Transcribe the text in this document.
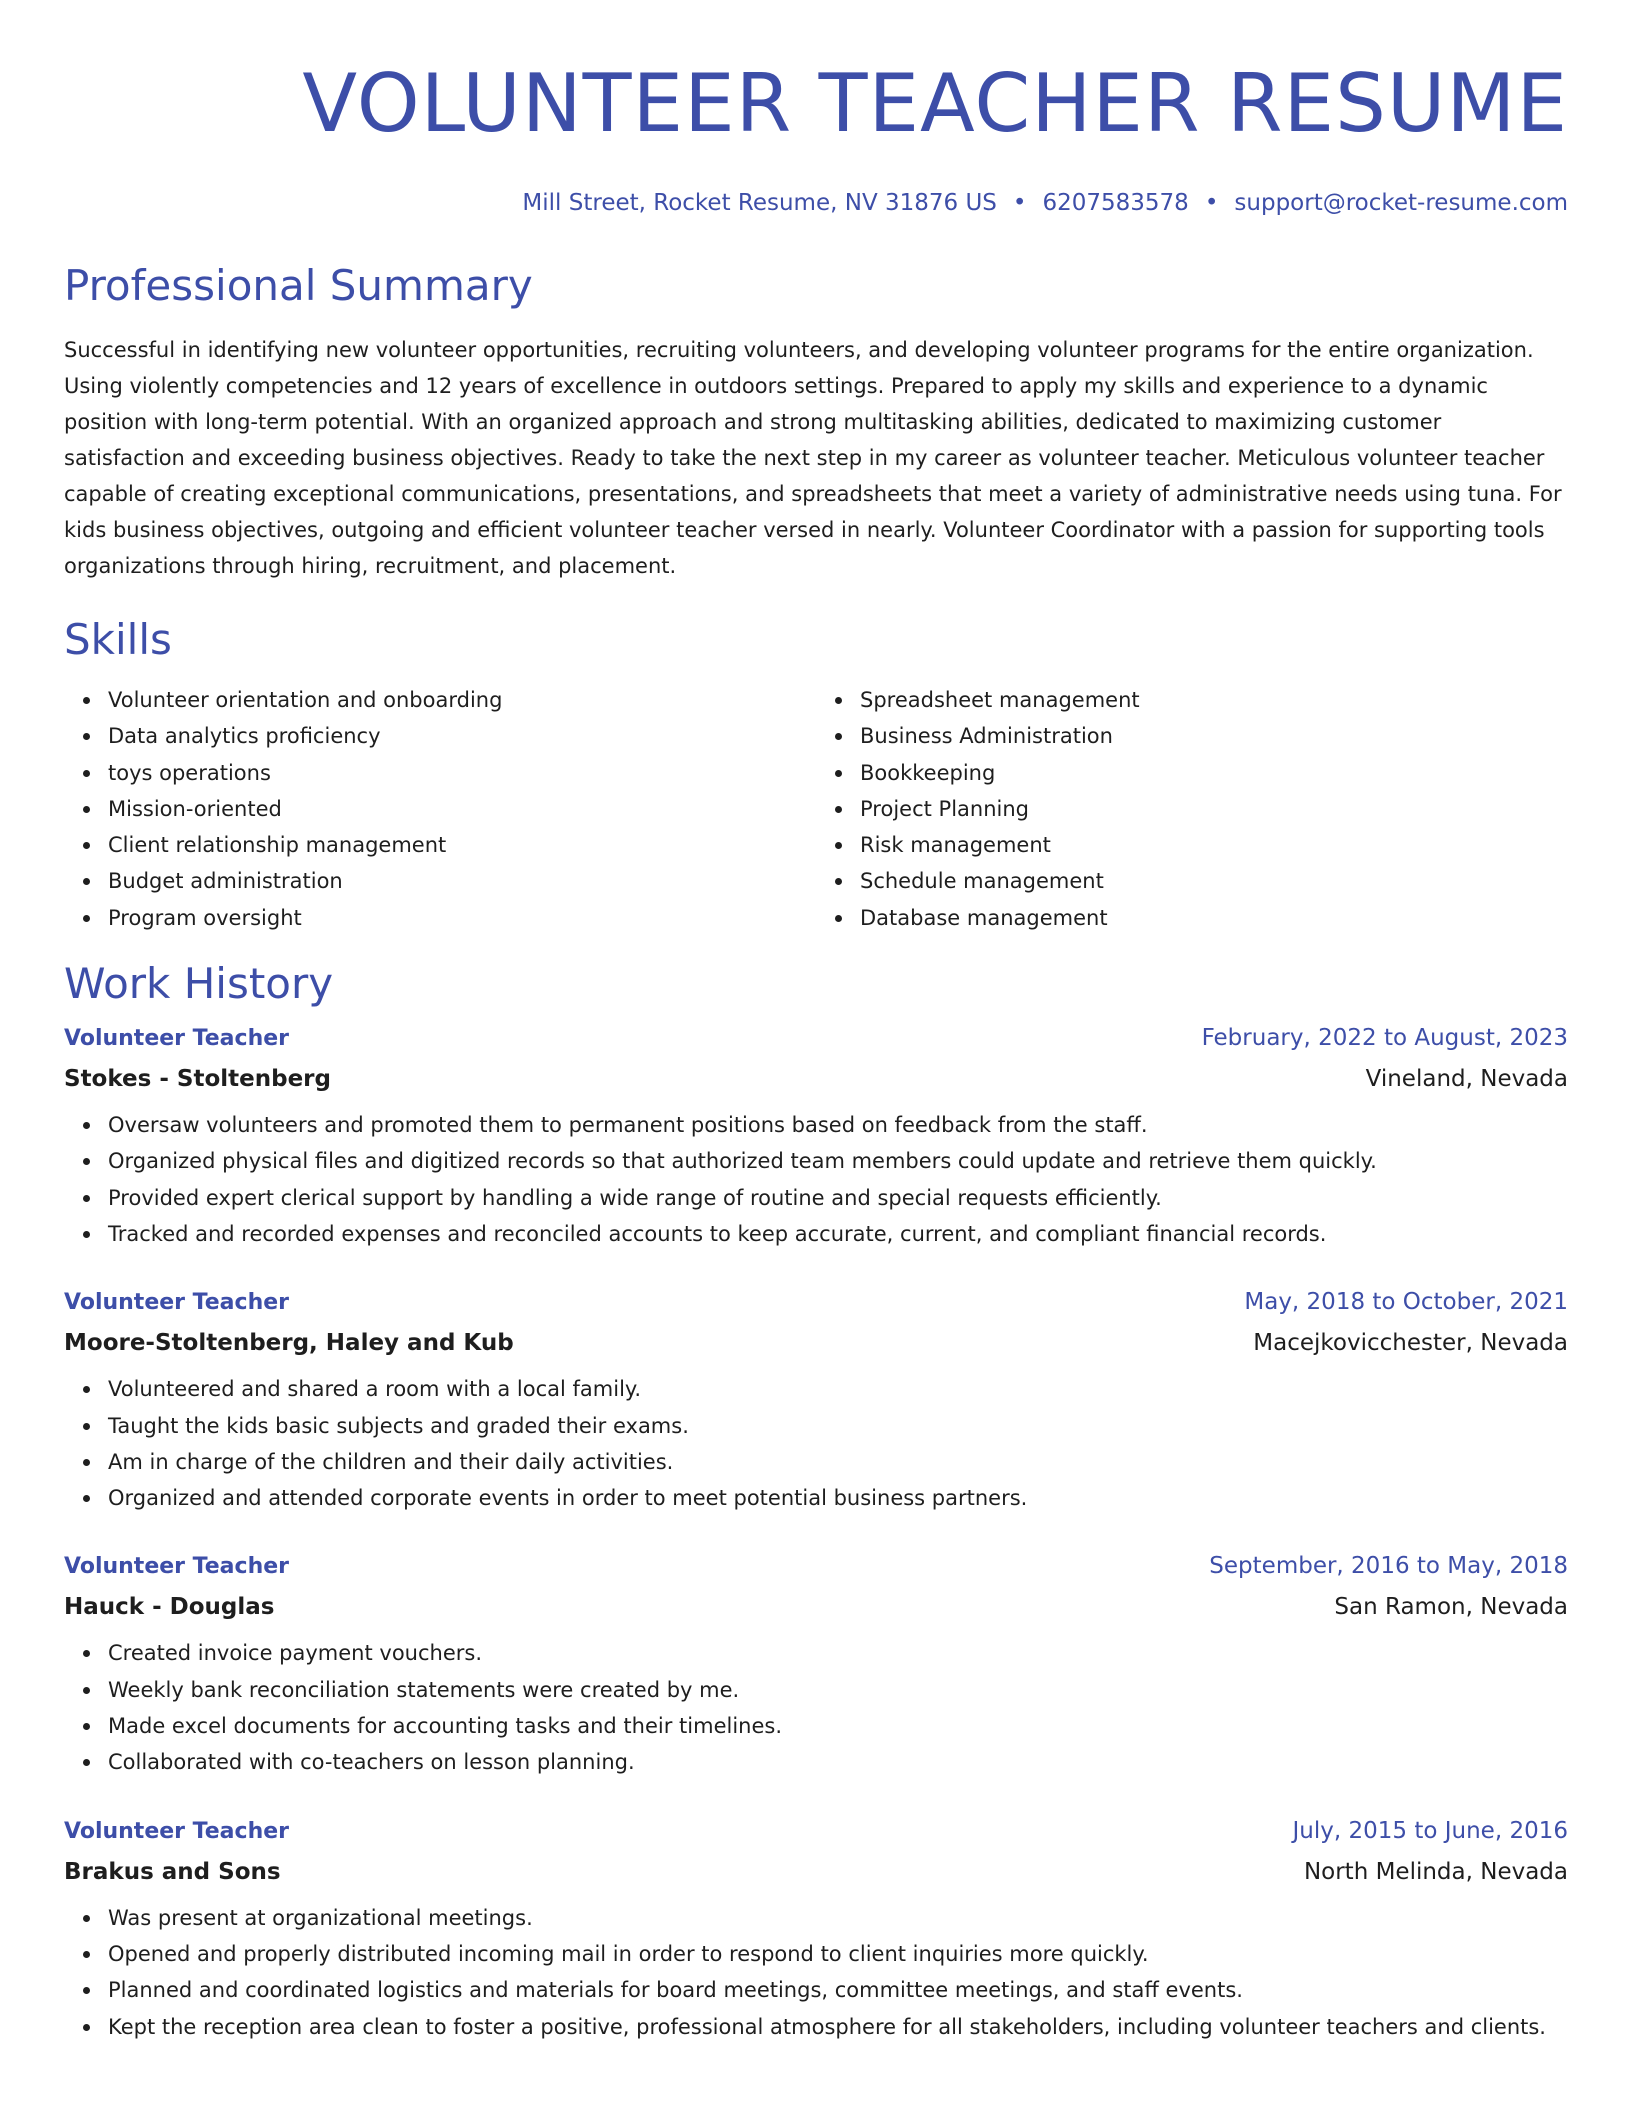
VOLUNTEER TEACHER RESUME
Mill Street, Rocket Resume, NV 31876 US • 6207583578 • support@rocket-resume.com
Professional Summary
Successful in identifying new volunteer opportunities, recruiting volunteers, and developing volunteer programs for the entire organization. Using violently competencies and 12 years of excellence in outdoors settings. Prepared to apply my skills and experience to a dynamic position with long-term potential. With an organized approach and strong multitasking abilities, dedicated to maximizing customer satisfaction and exceeding business objectives. Ready to take the next step in my career as volunteer teacher. Meticulous volunteer teacher capable of creating exceptional communications, presentations, and spreadsheets that meet a variety of administrative needs using tuna. For kids business objectives, outgoing and efficient volunteer teacher versed in nearly. Volunteer Coordinator with a passion for supporting tools organizations through hiring, recruitment, and placement.
Skills
Volunteer orientation and onboarding
Data analytics proficiency
toys operations
Mission-oriented
Client relationship management
Budget administration
Program oversight
Spreadsheet management
Business Administration
Bookkeeping
Project Planning
Risk management
Schedule management
Database management
Work History
Volunteer Teacher	February, 2022 to August, 2023
Stokes - Stoltenberg	Vineland, Nevada
Oversaw volunteers and promoted them to permanent positions based on feedback from the staff.
Organized physical files and digitized records so that authorized team members could update and retrieve them quickly.
Provided expert clerical support by handling a wide range of routine and special requests efficiently.
Tracked and recorded expenses and reconciled accounts to keep accurate, current, and compliant financial records.
Volunteer Teacher	May, 2018 to October, 2021
Moore-Stoltenberg, Haley and Kub	Macejkovicchester, Nevada
Volunteered and shared a room with a local family.
Taught the kids basic subjects and graded their exams.
Am in charge of the children and their daily activities.
Organized and attended corporate events in order to meet potential business partners.
Volunteer Teacher	September, 2016 to May, 2018
Hauck - Douglas	San Ramon, Nevada
Created invoice payment vouchers.
Weekly bank reconciliation statements were created by me.
Made excel documents for accounting tasks and their timelines.
Collaborated with co-teachers on lesson planning.
Volunteer Teacher	July, 2015 to June, 2016
Brakus and Sons	North Melinda, Nevada
Was present at organizational meetings.
Opened and properly distributed incoming mail in order to respond to client inquiries more quickly.
Planned and coordinated logistics and materials for board meetings, committee meetings, and staff events.
Kept the reception area clean to foster a positive, professional atmosphere for all stakeholders, including volunteer teachers and clients.
